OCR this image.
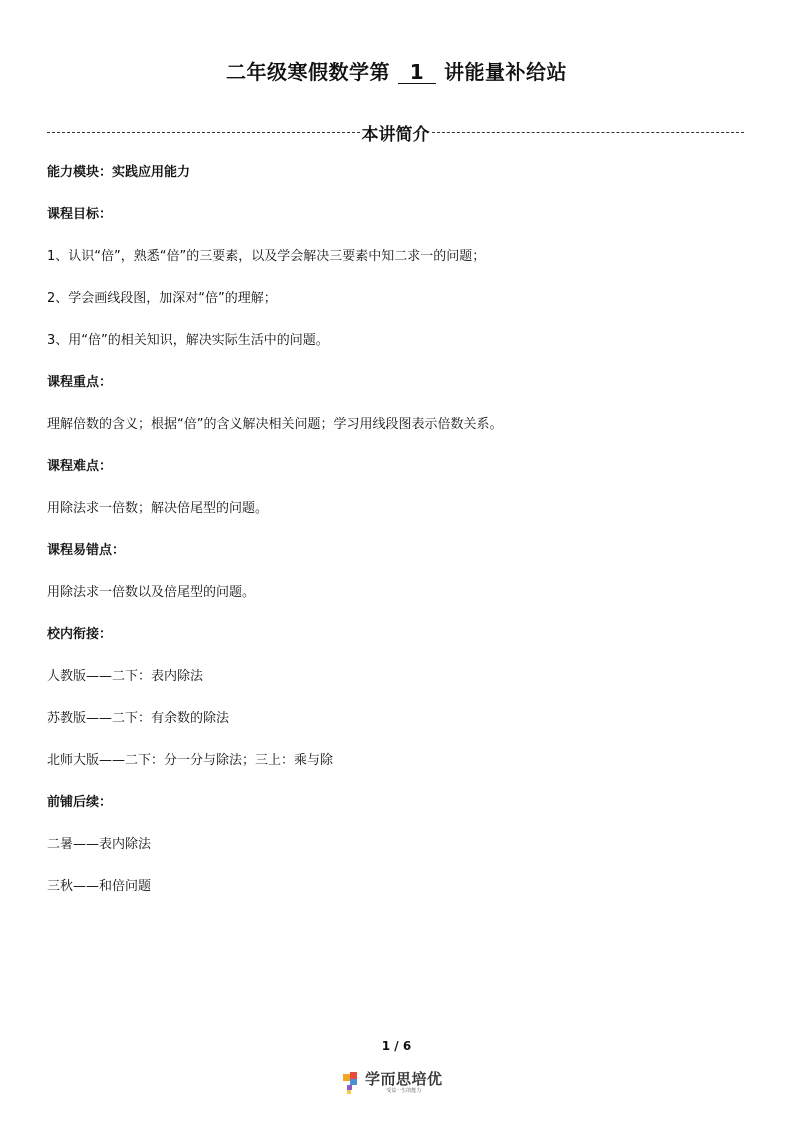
二年级寒假数学第 1 讲能量补给站
本讲简介
能力模块：实践应用能力
课程目标：
1、认识“倍”，熟悉“倍”的三要素，以及学会解决三要素中知二求一的问题；
2、学会画线段图，加深对“倍”的理解；
3、用“倍”的相关知识，解决实际生活中的问题。
课程重点：
理解倍数的含义；根据“倍”的含义解决相关问题；学习用线段图表示倍数关系。
课程难点：
用除法求一倍数；解决倍尾型的问题。
课程易错点：
用除法求一倍数以及倍尾型的问题。
校内衔接：
人教版——二下：表内除法
苏教版——二下：有余数的除法
北师大版——二下：分一分与除法；三上：乘与除
前铺后续：
二暑——表内除法
三秋——和倍问题
1 / 6
学而思培优
受益一生的能力
